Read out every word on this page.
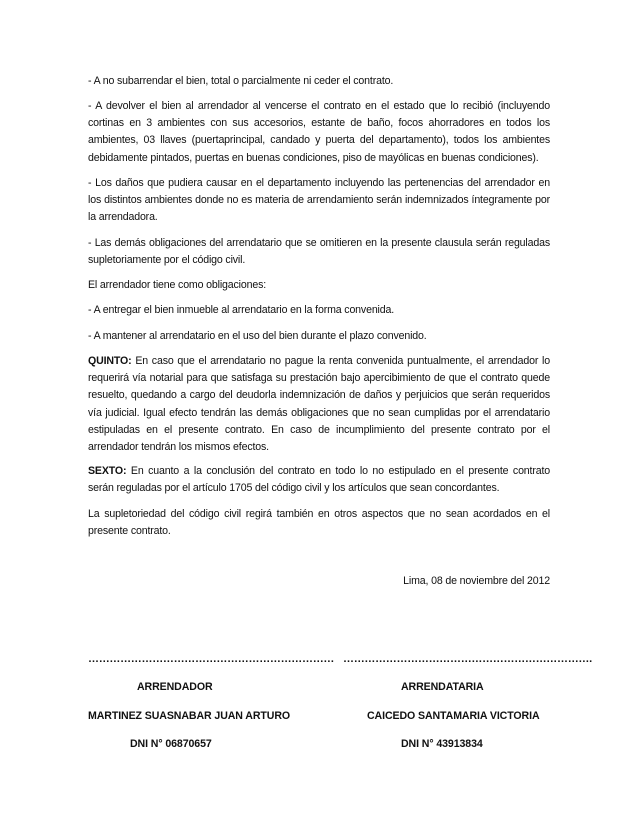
- A no subarrendar el bien, total o parcialmente ni ceder el contrato.

- A devolver el bien al arrendador al vencerse el contrato en el estado que lo recibió (incluyendo cortinas en 3 ambientes con sus accesorios, estante de baño, focos ahorradores en todos los ambientes, 03 llaves (puertaprincipal, candado y puerta del departamento), todos los ambientes debidamente pintados, puertas en buenas condiciones, piso de mayólicas en buenas condiciones).

- Los daños que pudiera causar en el departamento incluyendo las pertenencias del arrendador en los distintos ambientes donde no es materia de arrendamiento serán indemnizados íntegramente por la arrendadora.

- Las demás obligaciones del arrendatario que se omitieren en la presente clausula serán reguladas supletoriamente por el código civil.

El arrendador tiene como obligaciones:

- A entregar el bien inmueble al arrendatario en la forma convenida.

- A mantener al arrendatario en el uso del bien durante el plazo convenido.

QUINTO: En caso que el arrendatario no pague la renta convenida puntualmente, el arrendador lo requerirá vía notarial para que satisfaga su prestación bajo apercibimiento de que el contrato quede resuelto, quedando a cargo del deudorla indemnización de daños y perjuicios que serán requeridos vía judicial. Igual efecto tendrán las demás obligaciones que no sean cumplidas por el arrendatario estipuladas en el presente contrato. En caso de incumplimiento del presente contrato por el arrendador tendrán los mismos efectos.

SEXTO: En cuanto a la conclusión del contrato en todo lo no estipulado en el presente contrato serán reguladas por el artículo 1705 del código civil y los artículos que sean concordantes.

La supletoriedad del código civil regirá también en otros aspectos que no sean acordados en el presente contrato.

Lima, 08 de noviembre del 2012

…………………………………………………………… …………………………………………………………….
ARRENDADOR	ARRENDATARIA
MARTINEZ SUASNABAR JUAN ARTURO	CAICEDO SANTAMARIA VICTORIA
DNI N° 06870657	DNI N° 43913834
